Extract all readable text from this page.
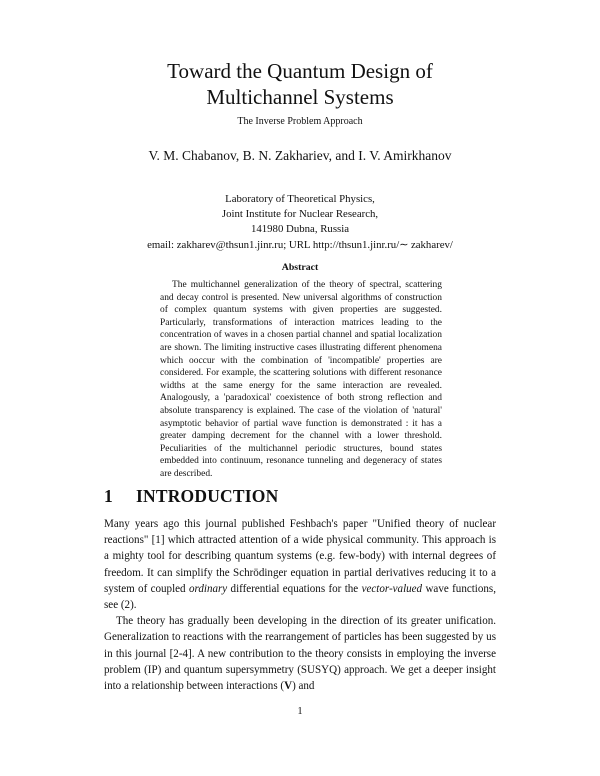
Toward the Quantum Design of Multichannel Systems
The Inverse Problem Approach
V. M. Chabanov, B. N. Zakhariev, and I. V. Amirkhanov
Laboratory of Theoretical Physics,
Joint Institute for Nuclear Research,
141980 Dubna, Russia
email: zakharev@thsun1.jinr.ru; URL http://thsun1.jinr.ru/∼ zakharev/
Abstract

The multichannel generalization of the theory of spectral, scattering and decay control is presented. New universal algorithms of construction of complex quantum systems with given properties are suggested. Particularly, transformations of interaction matrices leading to the concentration of waves in a chosen partial channel and spatial localization are shown. The limiting instructive cases illustrating different phenomena which ooccur with the combination of 'incompatible' properties are considered. For example, the scattering solutions with different resonance widths at the same energy for the same interaction are revealed. Analogously, a 'paradoxical' coexistence of both strong reflection and absolute transparency is explained. The case of the violation of 'natural' asymptotic behavior of partial wave function is demonstrated : it has a greater damping decrement for the channel with a lower threshold. Peculiarities of the multichannel periodic structures, bound states embedded into continuum, resonance tunneling and degeneracy of states are described.

1 INTRODUCTION

Many years ago this journal published Feshbach's paper "Unified theory of nuclear reactions" [1] which attracted attention of a wide physical community. This approach is a mighty tool for describing quantum systems (e.g. few-body) with internal degrees of freedom. It can simplify the Schrödinger equation in partial derivatives reducing it to a system of coupled ordinary differential equations for the vector-valued wave functions, see (2).

The theory has gradually been developing in the direction of its greater unification. Generalization to reactions with the rearrangement of particles has been suggested by us in this journal [2-4]. A new contribution to the theory consists in employing the inverse problem (IP) and quantum supersymmetry (SUSYQ) approach. We get a deeper insight into a relationship between interactions (V) and

1
